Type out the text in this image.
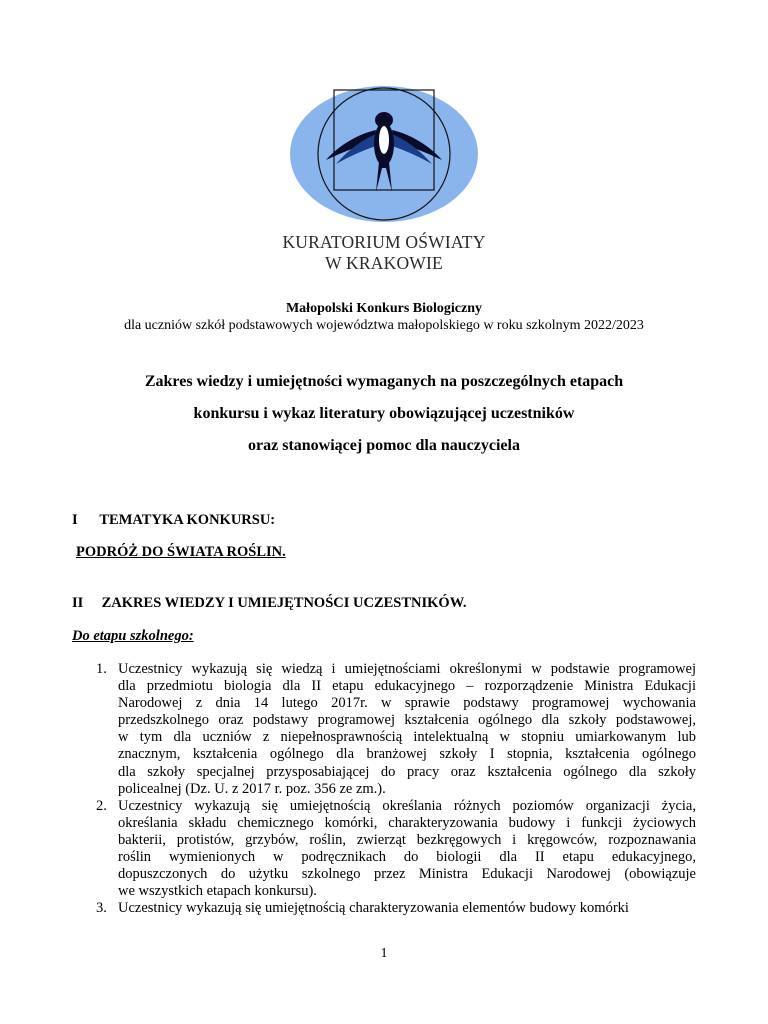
KURATORIUM OŚWIATY
W KRAKOWIE
Małopolski Konkurs Biologiczny
dla uczniów szkół podstawowych województwa małopolskiego w roku szkolnym 2022/2023
Zakres wiedzy i umiejętności wymaganych na poszczególnych etapach
konkursu i wykaz literatury obowiązującej uczestników
oraz stanowiącej pomoc dla nauczyciela
I TEMATYKA KONKURSU:
PODRÓŻ DO ŚWIATA ROŚLIN.
II ZAKRES WIEDZY I UMIEJĘTNOŚCI UCZESTNIKÓW.
Do etapu szkolnego:
1. Uczestnicy wykazują się wiedzą i umiejętnościami określonymi w podstawie programowej
dla przedmiotu biologia dla II etapu edukacyjnego – rozporządzenie Ministra Edukacji
Narodowej z dnia 14 lutego 2017r. w sprawie podstawy programowej wychowania
przedszkolnego oraz podstawy programowej kształcenia ogólnego dla szkoły podstawowej,
w tym dla uczniów z niepełnosprawnością intelektualną w stopniu umiarkowanym lub
znacznym, kształcenia ogólnego dla branżowej szkoły I stopnia, kształcenia ogólnego
dla szkoły specjalnej przysposabiającej do pracy oraz kształcenia ogólnego dla szkoły
policealnej (Dz. U. z 2017 r. poz. 356 ze zm.).
2. Uczestnicy wykazują się umiejętnością określania różnych poziomów organizacji życia,
określania składu chemicznego komórki, charakteryzowania budowy i funkcji życiowych
bakterii, protistów, grzybów, roślin, zwierząt bezkręgowych i kręgowców, rozpoznawania
roślin wymienionych w podręcznikach do biologii dla II etapu edukacyjnego,
dopuszczonych do użytku szkolnego przez Ministra Edukacji Narodowej (obowiązuje
we wszystkich etapach konkursu).
3. Uczestnicy wykazują się umiejętnością charakteryzowania elementów budowy komórki
1
